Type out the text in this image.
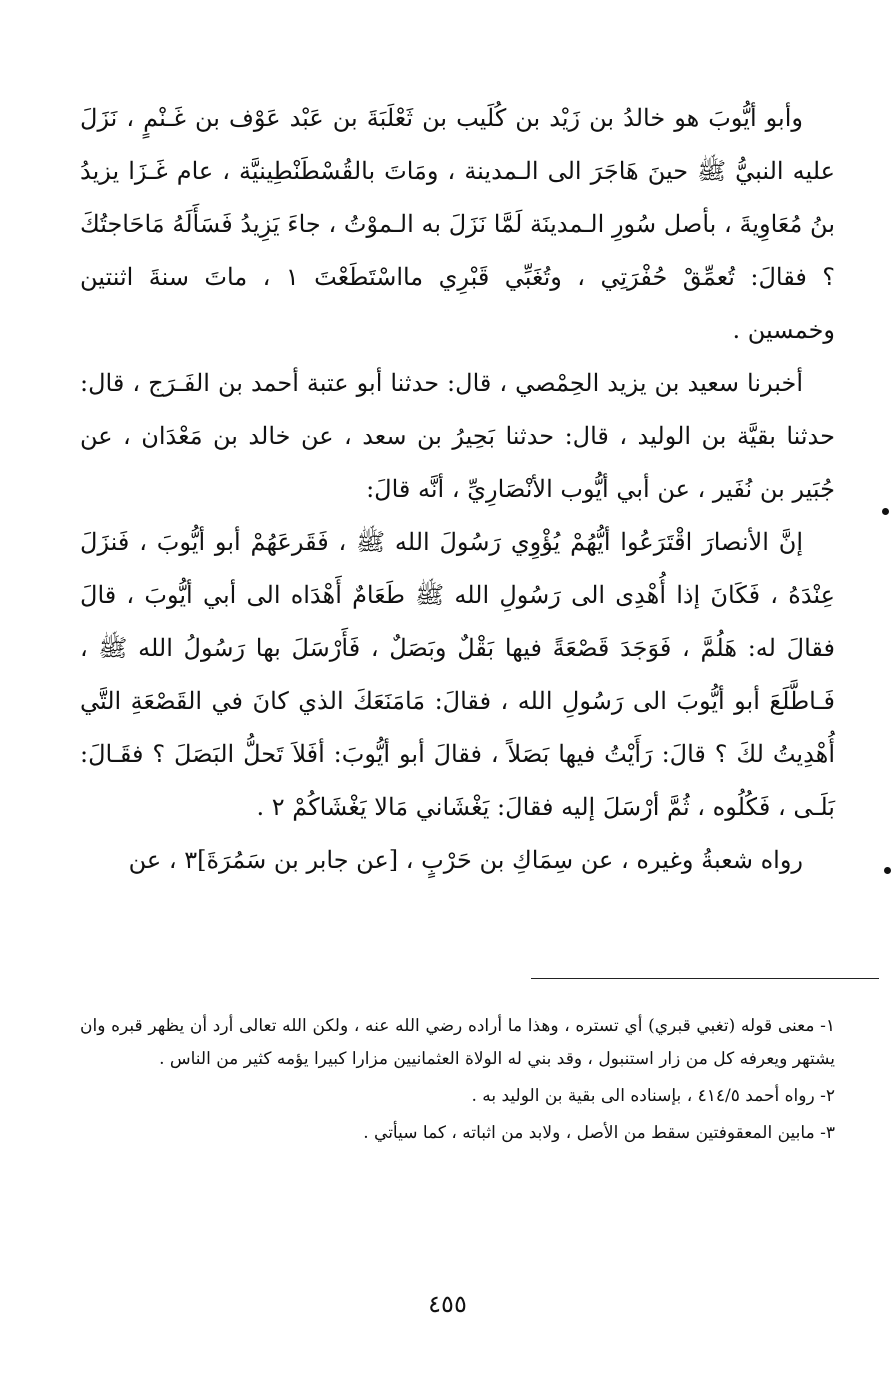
وأبو أيُّوبَ هو خالدُ بن زَيْد بن كُلَيب بن ثَعْلَبَةَ بن عَبْد عَوْف بن غَـنْمٍ ، نَزَلَ عليه النبيُّ ﷺ حينَ هَاجَرَ الى الـمدينة ، ومَاتَ بالقُسْطَنْطِينيَّة ، عام غَـزَا يزيدُ بنُ مُعَاوِيةَ ، بأصل سُورِ الـمدينَة لَمَّا نَزَلَ به الـموْتُ ، جاءَ يَزِيدُ فَسَأَلَهُ مَاحَاجتُكَ ؟ فقالَ: تُعمِّقْ حُفْرَتِي ، وتُغَبِّي قَبْرِي مااسْتَطَعْتَ ١ ، ماتَ سنةَ اثنتين وخمسين .

أخبرنا سعيد بن يزيد الحِمْصي ، قال: حدثنا أبو عتبة أحمد بن الفَـرَج ، قال: حدثنا بقيَّة بن الوليد ، قال: حدثنا بَحِيرُ بن سعد ، عن خالد بن مَعْدَان ، عن جُبَير بن نُفَير ، عن أبي أيُّوب الأنْصَارِيِّ ، أنَّه قالَ:

إنَّ الأنصارَ اقْتَرَعُوا أيُّهُمْ يُؤْوِي رَسُولَ الله ﷺ ، فَقَرعَهُمْ أبو أيُّوبَ ، فَنزَلَ عِنْدَهُ ، فَكَانَ إذا أُهْدِى الى رَسُولِ الله ﷺ طَعَامٌ أَهْدَاه الى أبي أيُّوبَ ، قالَ فقالَ له: هَلُمَّ ، فَوَجَدَ قَصْعَةً فيها بَقْلٌ وبَصَلٌ ، فَأَرْسَلَ بها رَسُولُ الله ﷺ ، فَـاطَّلَعَ أبو أيُّوبَ الى رَسُولِ الله ، فقالَ: مَامَنَعَكَ الذي كانَ في القَصْعَةِ التَّي أُهْدِيتُ لكَ ؟ قالَ: رَأَيْتُ فيها بَصَلاً ، فقالَ أبو أيُّوبَ: أفَلاَ تَحلُّ البَصَلَ ؟ فقَـالَ: بَلَـى ، فَكُلُوه ، ثُمَّ أرْسَلَ إليه فقالَ: يَغْشَاني مَالا يَغْشَاكُمْ ٢ .

رواه شعبةُ وغيره ، عن سِمَاكِ بن حَرْبٍ ، [عن جابر بن سَمُرَةَ]٣ ، عن

١- معنى قوله (تغبي قبري) أي تستره ، وهذا ما أراده رضي الله عنه ، ولكن الله تعالى أرد أن يظهر قبره وان يشتهر ويعرفه كل من زار استنبول ، وقد بني له الولاة العثمانيين مزارا كبيرا يؤمه كثير من الناس .

٢- رواه أحمد ٤١٤/٥ ، بإسناده الى بقية بن الوليد به .

٣- مابين المعقوفتين سقط من الأصل ، ولابد من اثباته ، كما سيأتي .

٤٥٥
